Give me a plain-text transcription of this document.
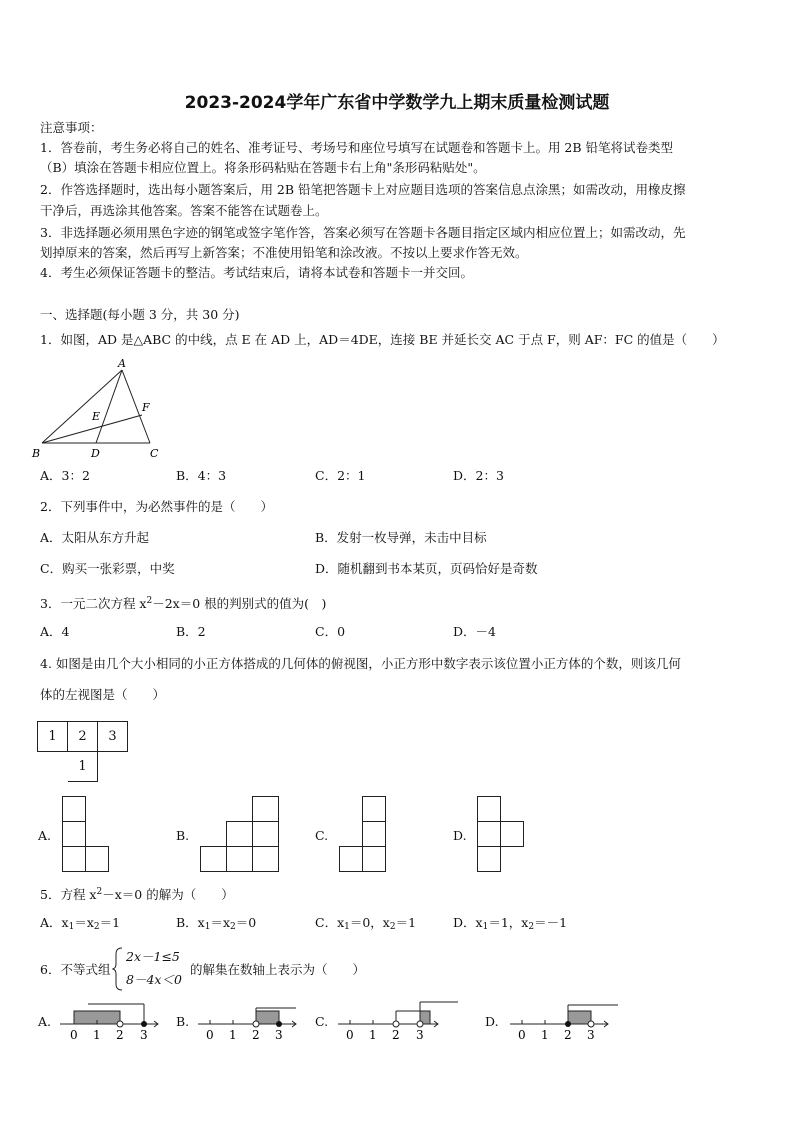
2023-2024学年广东省中学数学九上期末质量检测试题
注意事项：
1．答卷前，考生务必将自己的姓名、准考证号、考场号和座位号填写在试题卷和答题卡上。用 2B 铅笔将试卷类型
（B）填涂在答题卡相应位置上。将条形码粘贴在答题卡右上角"条形码粘贴处"。
2．作答选择题时，选出每小题答案后，用 2B 铅笔把答题卡上对应题目选项的答案信息点涂黑；如需改动，用橡皮擦
干净后，再选涂其他答案。答案不能答在试题卷上。
3．非选择题必须用黑色字迹的钢笔或签字笔作答，答案必须写在答题卡各题目指定区域内相应位置上；如需改动，先
划掉原来的答案，然后再写上新答案；不准使用铅笔和涂改液。不按以上要求作答无效。
4．考生必须保证答题卡的整洁。考试结束后，请将本试卷和答题卡一并交回。
一、选择题(每小题 3 分，共 30 分)
1．如图，AD 是△ABC 的中线，点 E 在 AD 上，AD＝4DE，连接 BE 并延长交 AC 于点 F，则 AF：FC 的值是（　　）
A
B	C
D
E
F
A．3：2	B．4：3	C．2：1	D．2：3
2．下列事件中，为必然事件的是（　　）
A．太阳从东方升起	B．发射一枚导弹，未击中目标
C．购买一张彩票，中奖	D．随机翻到书本某页，页码恰好是奇数
3．一元二次方程 $x^2-2x=0$ 根的判别式的值为(　)
A．4	B．2	C．0	D．－4
4. 如图是由几个大小相同的小正方体搭成的几何体的俯视图，小正方形中数字表示该位置小正方体的个数，则该几何
体的左视图是（　　）
1	2	3
	1	
A.	B.	C.	D.
5．方程 $x^2-x=0$ 的解为（　　）
A．$x_1=x_2=1$	B．$x_1=x_2=0$	C．$x_1=0$，$x_2=1$	D．$x_1=1$，$x_2=-1$
6．不等式组
2x－1≤5
8－4x＜0
的解集在数轴上表示为（　　）
A.
0 1 2 3
B.
0 1 2 3
C.
0 1 2 3
D.
0 1 2 3
